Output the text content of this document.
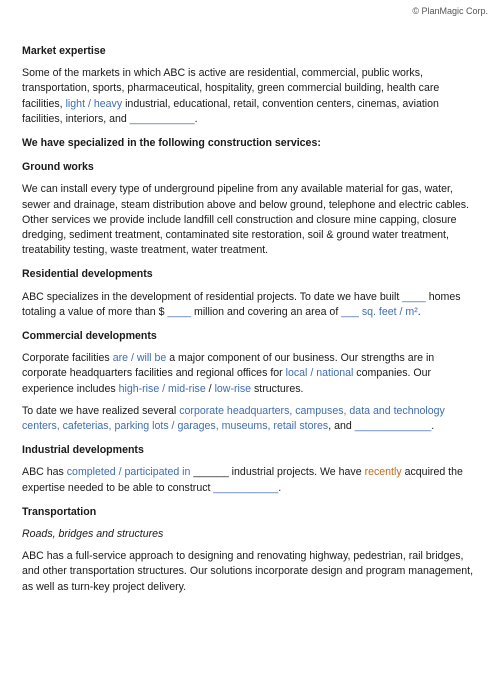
© PlanMagic Corp.
Market expertise

Some of the markets in which ABC is active are residential, commercial, public works, transportation, sports, pharmaceutical, hospitality, green commercial building, health care facilities, light / heavy industrial, educational, retail, convention centers, cinemas, aviation facilities, interiors, and ___________.

We have specialized in the following construction services:
Ground works

We can install every type of underground pipeline from any available material for gas, water, sewer and drainage, steam distribution above and below ground, telephone and electric cables. Other services we provide include landfill cell construction and closure mine capping, closure dredging, sediment treatment, contaminated site restoration, soil & ground water treatment, treatability testing, waste treatment, water treatment.

Residential developments

ABC specializes in the development of residential projects. To date we have built ____ homes totaling a value of more than $ ____ million and covering an area of ___ sq. feet / m².

Commercial developments

Corporate facilities are / will be a major component of our business. Our strengths are in corporate headquarters facilities and regional offices for local / national companies. Our experience includes high-rise / mid-rise / low-rise structures.

To date we have realized several corporate headquarters, campuses, data and technology centers, cafeterias, parking lots / garages, museums, retail stores, and _____________.

Industrial developments

ABC has completed / participated in ______ industrial projects. We have recently acquired the expertise needed to be able to construct ___________.

Transportation

Roads, bridges and structures

ABC has a full-service approach to designing and renovating highway, pedestrian, rail bridges, and other transportation structures. Our solutions incorporate design and program management, as well as turn-key project delivery.
